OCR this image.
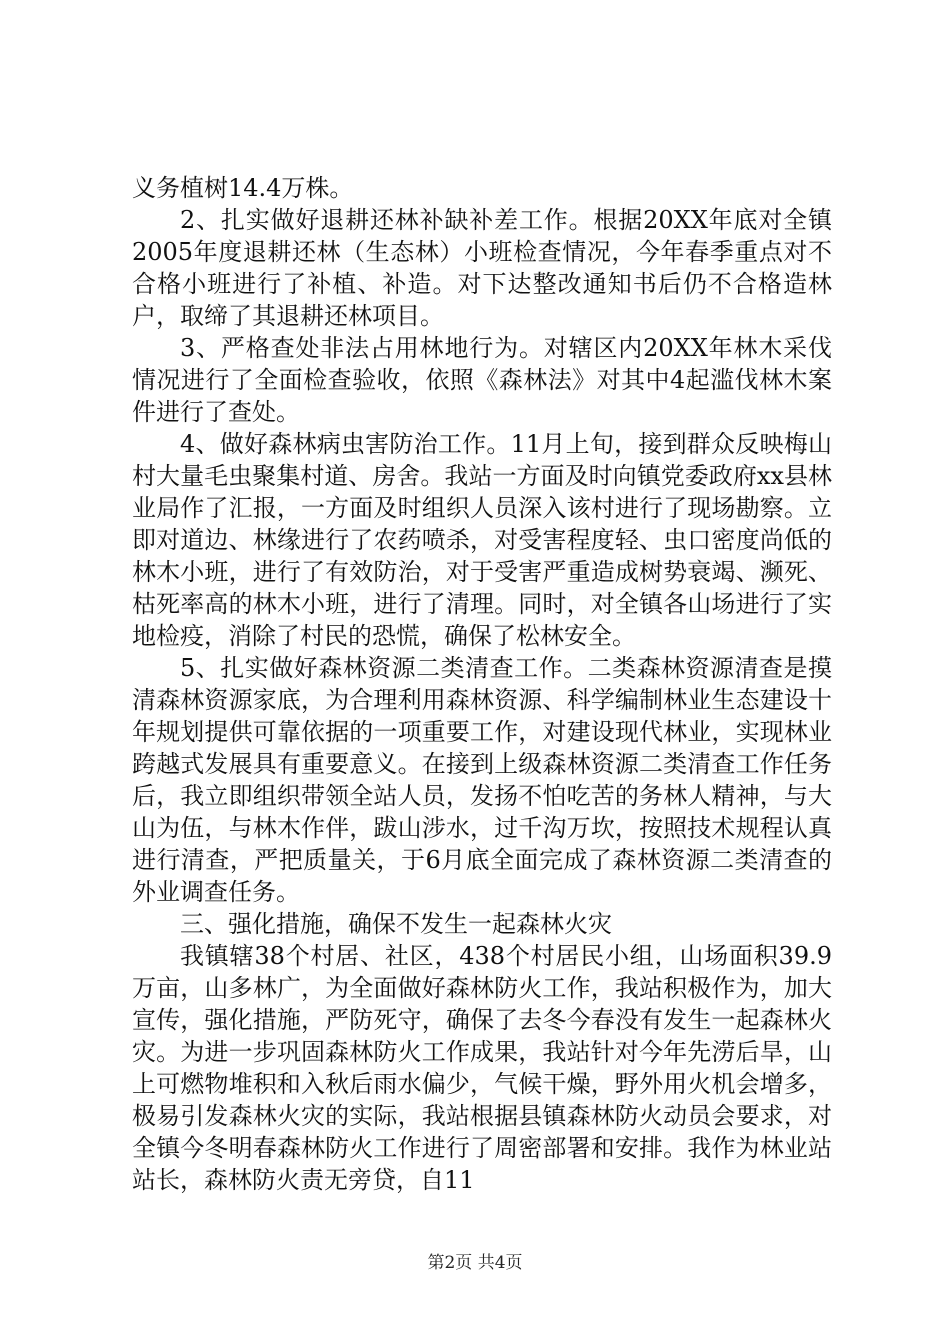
义务植树14.4万株。

2、扎实做好退耕还林补缺补差工作。根据20XX年底对全镇2005年度退耕还林（生态林）小班检查情况，今年春季重点对不合格小班进行了补植、补造。对下达整改通知书后仍不合格造林户，取缔了其退耕还林项目。

3、严格查处非法占用林地行为。对辖区内20XX年林木采伐情况进行了全面检查验收，依照《森林法》对其中4起滥伐林木案件进行了查处。

4、做好森林病虫害防治工作。11月上旬，接到群众反映梅山村大量毛虫聚集村道、房舍。我站一方面及时向镇党委政府xx县林业局作了汇报，一方面及时组织人员深入该村进行了现场勘察。立即对道边、林缘进行了农药喷杀，对受害程度轻、虫口密度尚低的林木小班，进行了有效防治，对于受害严重造成树势衰竭、濒死、枯死率高的林木小班，进行了清理。同时，对全镇各山场进行了实地检疫，消除了村民的恐慌，确保了松林安全。

5、扎实做好森林资源二类清查工作。二类森林资源清查是摸清森林资源家底，为合理利用森林资源、科学编制林业生态建设十年规划提供可靠依据的一项重要工作，对建设现代林业，实现林业跨越式发展具有重要意义。在接到上级森林资源二类清查工作任务后，我立即组织带领全站人员，发扬不怕吃苦的务林人精神，与大山为伍，与林木作伴，跋山涉水，过千沟万坎，按照技术规程认真进行清查，严把质量关，于6月底全面完成了森林资源二类清查的外业调查任务。

三、强化措施，确保不发生一起森林火灾

我镇辖38个村居、社区，438个村居民小组，山场面积39.9万亩，山多林广，为全面做好森林防火工作，我站积极作为，加大宣传，强化措施，严防死守，确保了去冬今春没有发生一起森林火灾。为进一步巩固森林防火工作成果，我站针对今年先涝后旱，山上可燃物堆积和入秋后雨水偏少，气候干燥，野外用火机会增多，极易引发森林火灾的实际，我站根据县镇森林防火动员会要求，对全镇今冬明春森林防火工作进行了周密部署和安排。我作为林业站站长，森林防火责无旁贷，自11

第2页 共4页
